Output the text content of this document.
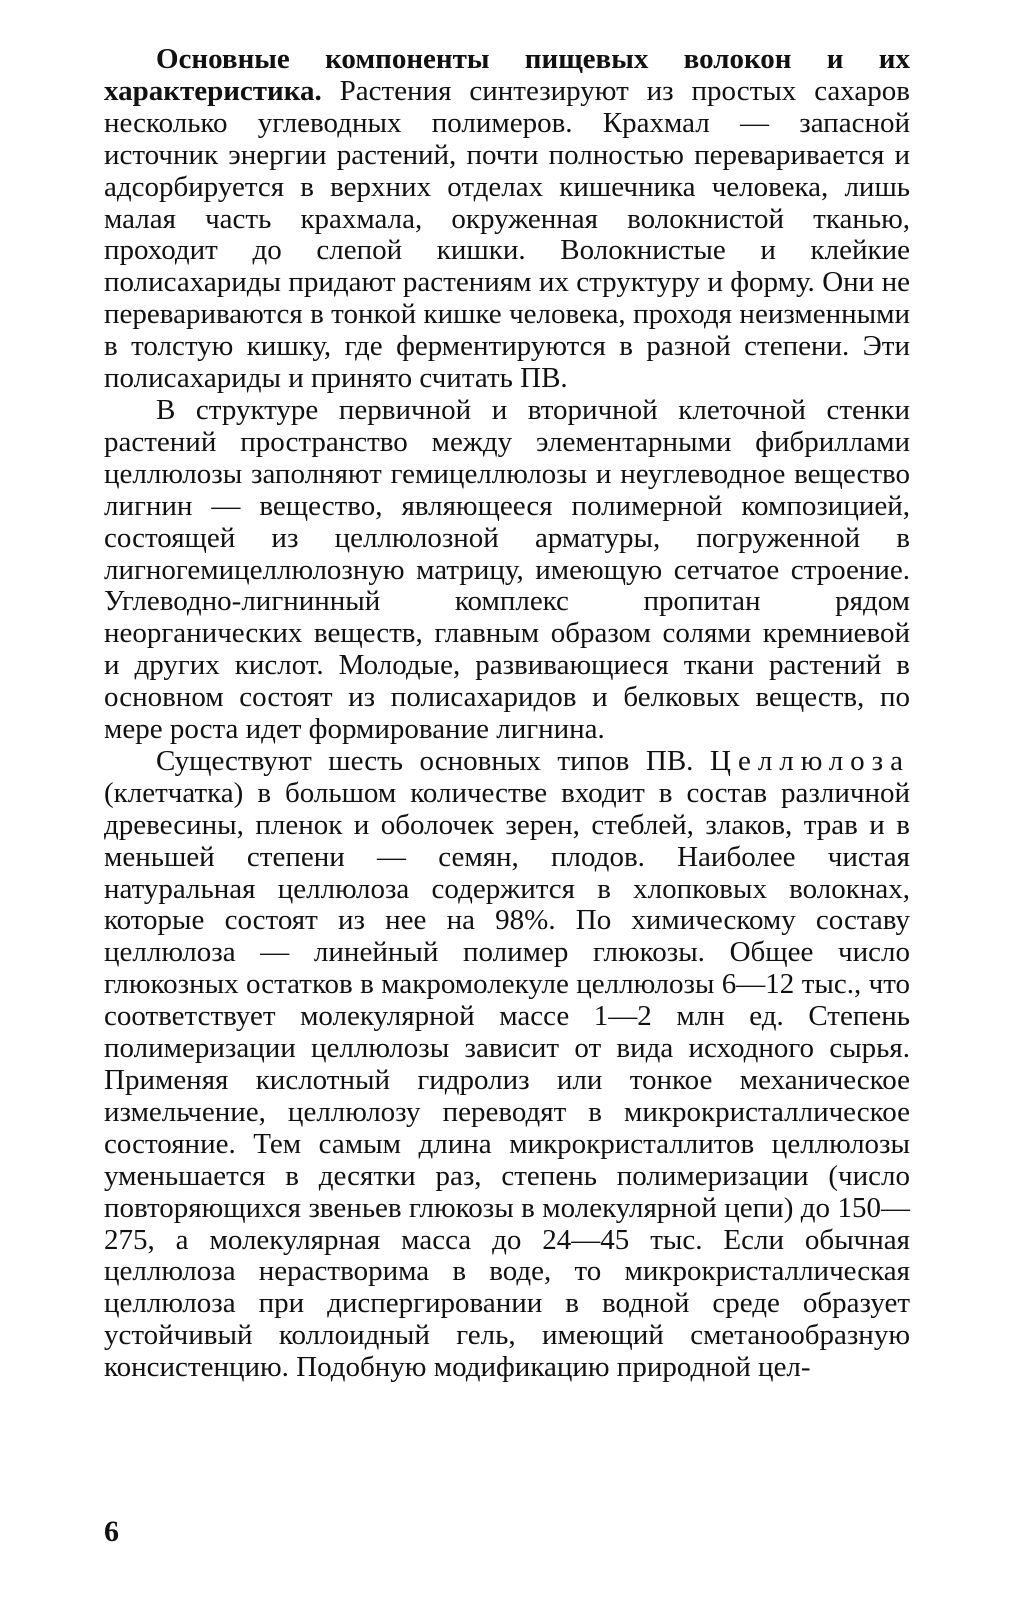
Основные компоненты пищевых волокон и их характеристика. Растения синтезируют из простых сахаров несколько углеводных полимеров. Крахмал — запасной источник энергии растений, почти полностью переваривается и адсорбируется в верхних отделах кишечника человека, лишь малая часть крахмала, окруженная волокнистой тканью, проходит до слепой кишки. Волокнистые и клейкие полисахариды придают растениям их структуру и форму. Они не перевариваются в тонкой кишке человека, проходя неизменными в толстую кишку, где ферментируются в разной степени. Эти полисахариды и принято считать ПВ.

В структуре первичной и вторичной клеточной стенки растений пространство между элементарными фибриллами целлюлозы заполняют гемицеллюлозы и неуглеводное вещество лигнин — вещество, являющееся полимерной композицией, состоящей из целлюлозной арматуры, погруженной в лигногемицеллюлозную матрицу, имеющую сетчатое строение. Углеводно-лигнинный комплекс пропитан рядом неорганических веществ, главным образом солями кремниевой и других кислот. Молодые, развивающиеся ткани растений в основном состоят из полисахаридов и белковых веществ, по мере роста идет формирование лигнина.

Существуют шесть основных типов ПВ. Целлюлоза (клетчатка) в большом количестве входит в состав различной древесины, пленок и оболочек зерен, стеблей, злаков, трав и в меньшей степени — семян, плодов. Наиболее чистая натуральная целлюлоза содержится в хлопковых волокнах, которые состоят из нее на 98%. По химическому составу целлюлоза — линейный полимер глюкозы. Общее число глюкозных остатков в макромолекуле целлюлозы 6—12 тыс., что соответствует молекулярной массе 1—2 млн ед. Степень полимеризации целлюлозы зависит от вида исходного сырья. Применяя кислотный гидролиз или тонкое механическое измельчение, целлюлозу переводят в микрокристаллическое состояние. Тем самым длина микрокристаллитов целлюлозы уменьшается в десятки раз, степень полимеризации (число повторяющихся звеньев глюкозы в молекулярной цепи) до 150—275, а молекулярная масса до 24—45 тыс. Если обычная целлюлоза нерастворима в воде, то микрокристаллическая целлюлоза при диспергировании в водной среде образует устойчивый коллоидный гель, имеющий сметанообразную консистенцию. Подобную модификацию природной цел-

6
